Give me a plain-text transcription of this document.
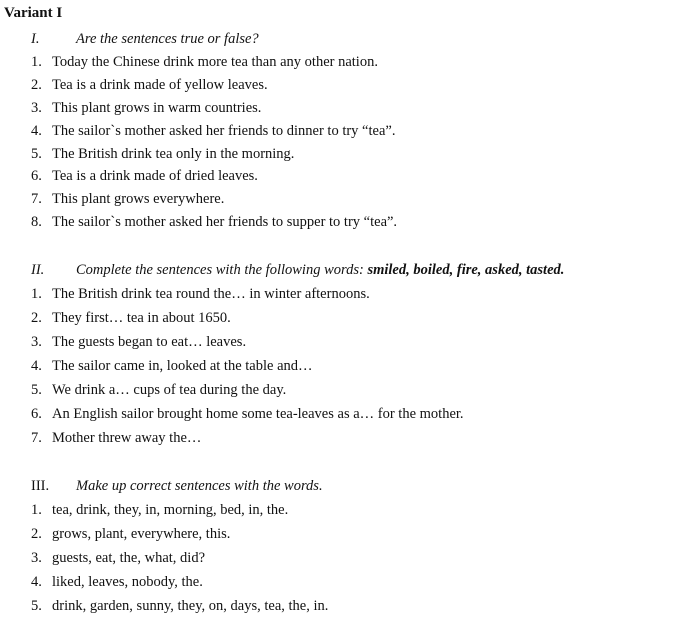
Variant I
I.	Are the sentences true or false?
1. Today the Chinese drink more tea than any other nation.
2. Tea is a drink made of yellow leaves.
3. This plant grows in warm countries.
4. The sailor`s mother asked her friends to dinner to try “tea”.
5. The British drink tea only in the morning.
6. Tea is a drink made of dried leaves.
7. This plant grows everywhere.
8. The sailor`s mother asked her friends to supper to try “tea”.
II. Complete the sentences with the following words: smiled, boiled, fire, asked, tasted.
1. The British drink tea round the… in winter afternoons.
2. They first… tea in about 1650.
3. The guests began to eat… leaves.
4. The sailor came in, looked at the table and…
5. We drink a… cups of tea during the day.
6. An English sailor brought home some tea-leaves as a… for the mother.
7. Mother threw away the…
III. Make up correct sentences with the words.
1. tea, drink, they, in, morning, bed, in, the.
2. grows, plant, everywhere, this.
3. guests, eat, the, what, did?
4. liked, leaves, nobody, the.
5. drink, garden, sunny, they, on, days, tea, the, in.
